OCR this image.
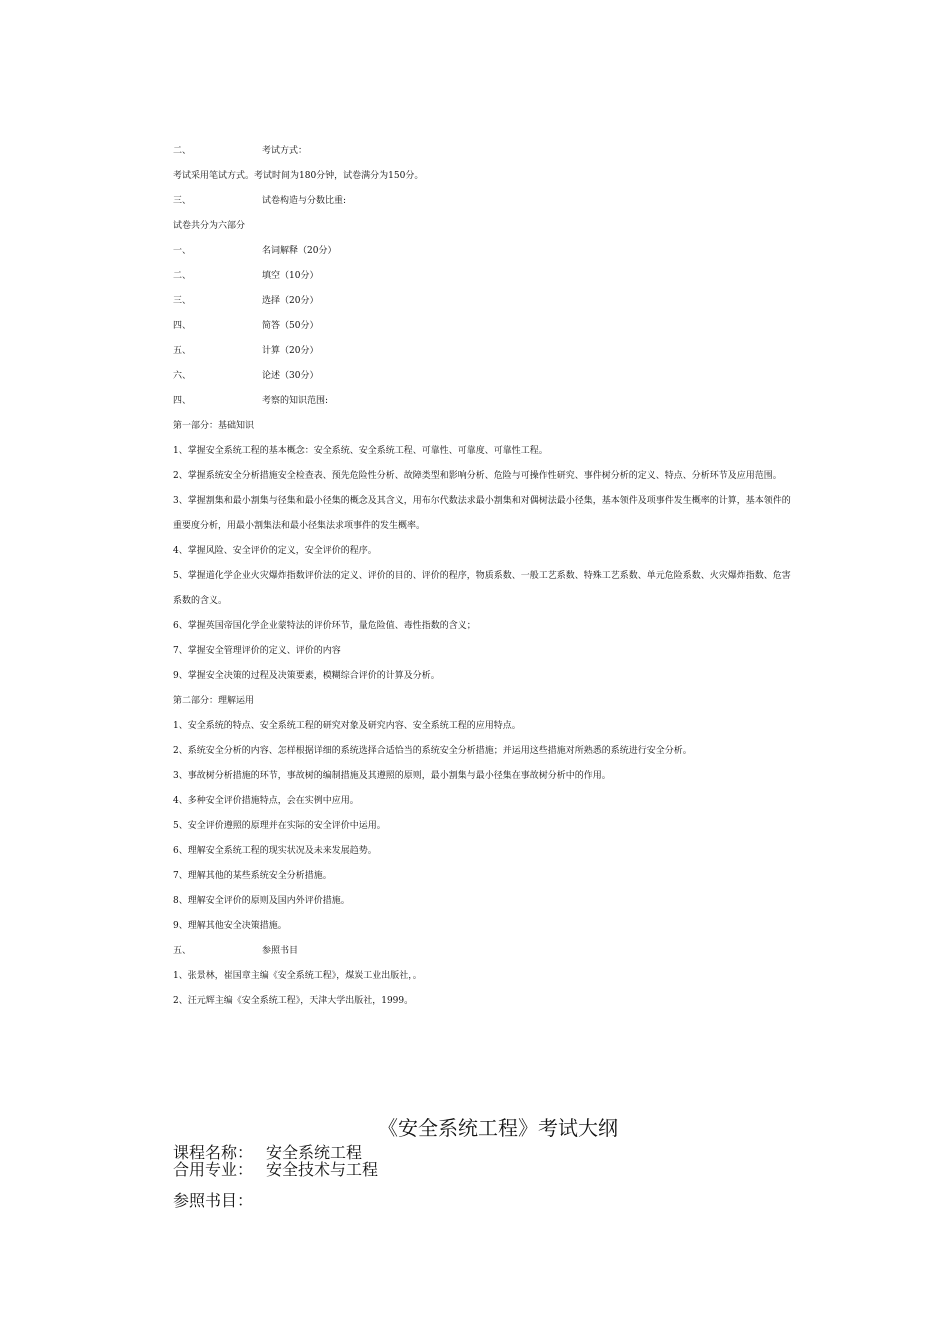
二、	考试方式：
考试采用笔试方式。考试时间为180分钟，试卷满分为150分。
三、	试卷构造与分数比重:
试卷共分为六部分
一、	名词解释（20分）
二、	填空（10分）
三、	选择（20分）
四、	简答（50分）
五、	计算（20分）
六、	论述（30分）
四、	考察的知识范围:
第一部分：基础知识
1、掌握安全系统工程的基本概念：安全系统、安全系统工程、可靠性、可靠度、可靠性工程。
2、掌握系统安全分析措施安全检查表、预先危险性分析、故障类型和影响分析、危险与可操作性研究、事件树分析的定义、特点、分析环节及应用范围。
3、掌握割集和最小割集与径集和最小径集的概念及其含义，用布尔代数法求最小割集和对偶树法最小径集，基本领件及项事件发生概率的计算，基本领件的重要度分析，用最小割集法和最小径集法求项事件的发生概率。
4、掌握风险、安全评价的定义，安全评价的程序。
5、掌握道化学企业火灾爆炸指数评价法的定义、评价的目的、评价的程序，物质系数、一般工艺系数、特殊工艺系数、单元危险系数、火灾爆炸指数、危害系数的含义。
6、掌握英国帝国化学企业蒙特法的评价环节，量危险值、毒性指数的含义；
7、掌握安全管理评价的定义、评价的内容
9、掌握安全决策的过程及决策要素，模糊综合评价的计算及分析。
第二部分：理解运用
1、安全系统的特点、安全系统工程的研究对象及研究内容、安全系统工程的应用特点。
2、系统安全分析的内容、怎样根据详细的系统选择合适恰当的系统安全分析措施；并运用这些措施对所熟悉的系统进行安全分析。
3、事故树分析措施的环节，事故树的编制措施及其遵照的原则，最小割集与最小径集在事故树分析中的作用。
4、多种安全评价措施特点，会在实例中应用。
5、安全评价遵照的原理并在实际的安全评价中运用。
6、理解安全系统工程的现实状况及未来发展趋势。
7、理解其他的某些系统安全分析措施。
8、理解安全评价的原则及国内外评价措施。
9、理解其他安全决策措施。
五、	参照书目
1、张景林，崔国章主编《安全系统工程》，煤炭工业出版社，。
2、汪元辉主编《安全系统工程》，天津大学出版社，1999。
《安全系统工程》考试大纲
课程名称： 安全系统工程
合用专业： 安全技术与工程
参照书目：
